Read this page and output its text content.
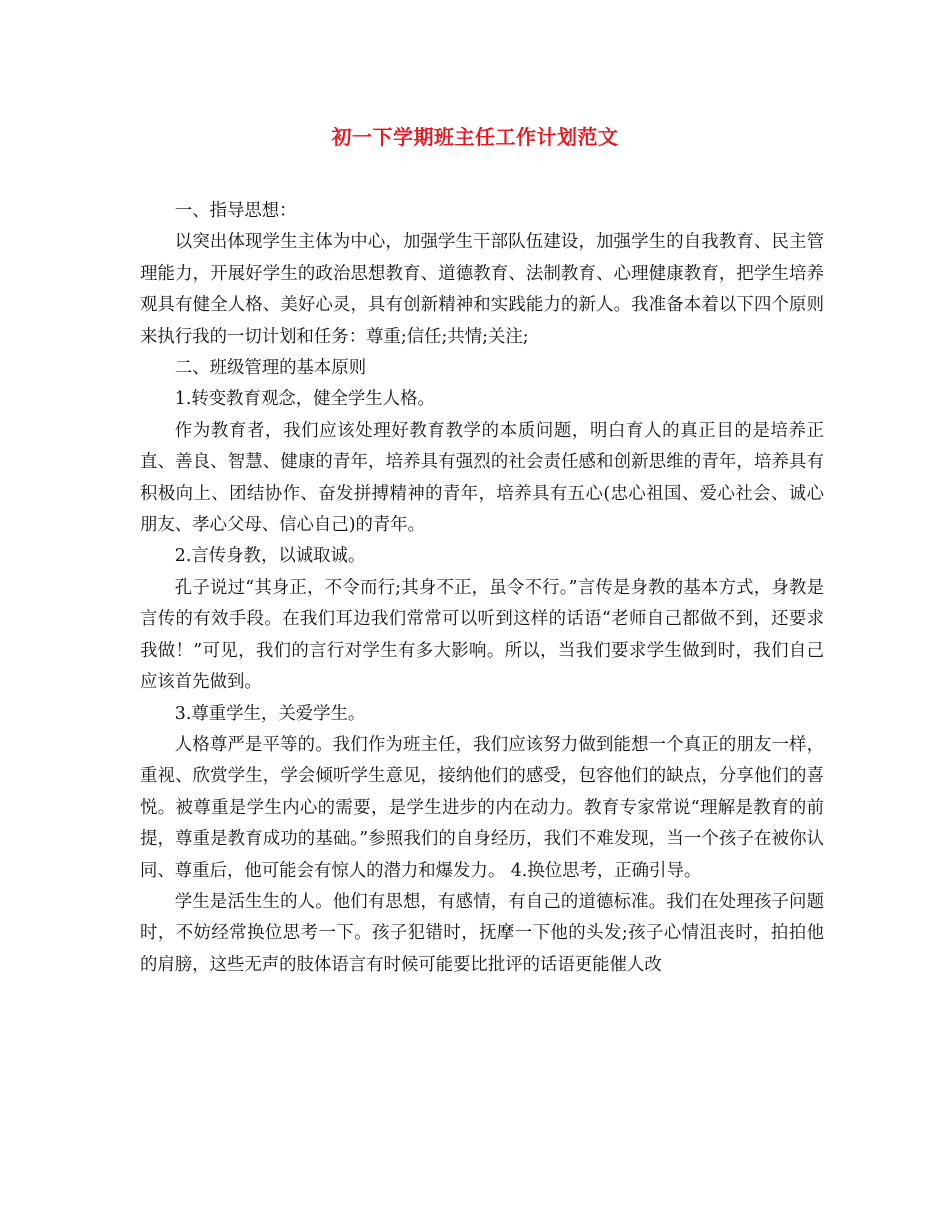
初一下学期班主任工作计划范文

一、指导思想：

以突出体现学生主体为中心，加强学生干部队伍建设，加强学生的自我教育、民主管理能力，开展好学生的政治思想教育、道德教育、法制教育、心理健康教育，把学生培养观具有健全人格、美好心灵，具有创新精神和实践能力的新人。我准备本着以下四个原则来执行我的一切计划和任务：尊重;信任;共情;关注;

二、班级管理的基本原则

1.转变教育观念，健全学生人格。

作为教育者，我们应该处理好教育教学的本质问题，明白育人的真正目的是培养正直、善良、智慧、健康的青年，培养具有强烈的社会责任感和创新思维的青年，培养具有积极向上、团结协作、奋发拼搏精神的青年，培养具有五心(忠心祖国、爱心社会、诚心朋友、孝心父母、信心自己)的青年。

2.言传身教，以诚取诚。

孔子说过“其身正，不令而行;其身不正，虽令不行。”言传是身教的基本方式，身教是言传的有效手段。在我们耳边我们常常可以听到这样的话语“老师自己都做不到，还要求我做！”可见，我们的言行对学生有多大影响。所以，当我们要求学生做到时，我们自己应该首先做到。

3.尊重学生，关爱学生。

人格尊严是平等的。我们作为班主任，我们应该努力做到能想一个真正的朋友一样，重视、欣赏学生，学会倾听学生意见，接纳他们的感受，包容他们的缺点，分享他们的喜悦。被尊重是学生内心的需要，是学生进步的内在动力。教育专家常说“理解是教育的前提，尊重是教育成功的基础。”参照我们的自身经历，我们不难发现，当一个孩子在被你认同、尊重后，他可能会有惊人的潜力和爆发力。 4.换位思考，正确引导。

学生是活生生的人。他们有思想，有感情，有自己的道德标准。我们在处理孩子问题时，不妨经常换位思考一下。孩子犯错时，抚摩一下他的头发;孩子心情沮丧时，拍拍他的肩膀，这些无声的肢体语言有时候可能要比批评的话语更能催人改
